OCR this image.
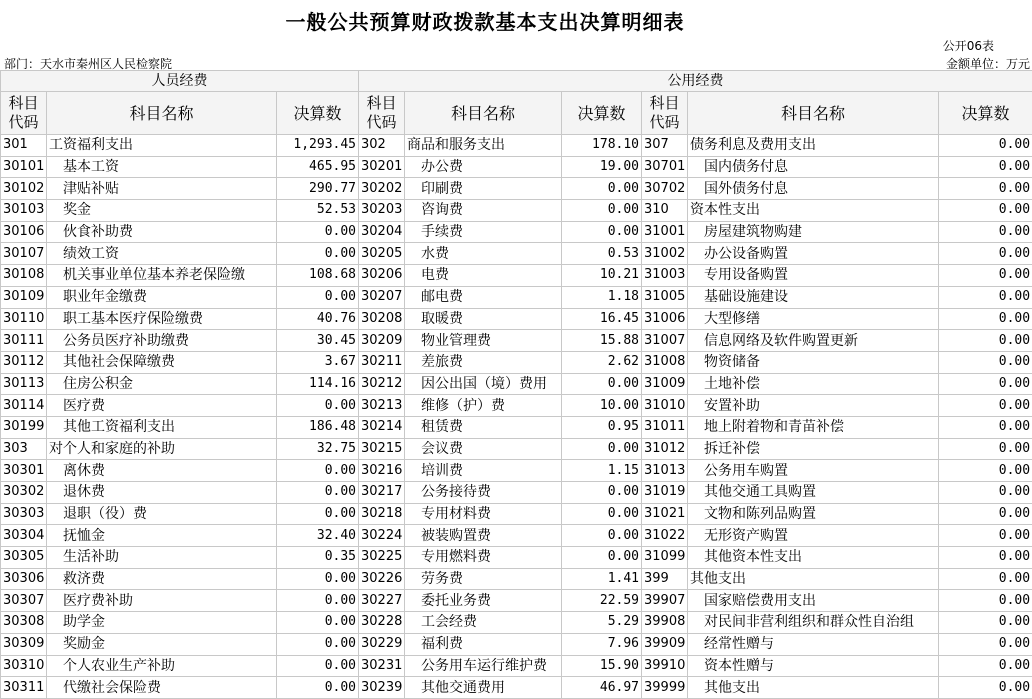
一般公共预算财政拨款基本支出决算明细表
公开06表
部门：天水市秦州区人民检察院	金额单位：万元
人员经费			公用经费					
科目代码	科目名称	决算数	科目代码	科目名称	决算数	科目代码	科目名称	决算数
301	工资福利支出	1,293.45	302	商品和服务支出	178.10	307	债务利息及费用支出	0.00
30101	基本工资	465.95	30201	办公费	19.00	30701	国内债务付息	0.00
30102	津贴补贴	290.77	30202	印刷费	0.00	30702	国外债务付息	0.00
30103	奖金	52.53	30203	咨询费	0.00	310	资本性支出	0.00
30106	伙食补助费	0.00	30204	手续费	0.00	31001	房屋建筑物购建	0.00
30107	绩效工资	0.00	30205	水费	0.53	31002	办公设备购置	0.00
30108	机关事业单位基本养老保险缴	108.68	30206	电费	10.21	31003	专用设备购置	0.00
30109	职业年金缴费	0.00	30207	邮电费	1.18	31005	基础设施建设	0.00
30110	职工基本医疗保险缴费	40.76	30208	取暖费	16.45	31006	大型修缮	0.00
30111	公务员医疗补助缴费	30.45	30209	物业管理费	15.88	31007	信息网络及软件购置更新	0.00
30112	其他社会保障缴费	3.67	30211	差旅费	2.62	31008	物资储备	0.00
30113	住房公积金	114.16	30212	因公出国（境）费用	0.00	31009	土地补偿	0.00
30114	医疗费	0.00	30213	维修（护）费	10.00	31010	安置补助	0.00
30199	其他工资福利支出	186.48	30214	租赁费	0.95	31011	地上附着物和青苗补偿	0.00
303	对个人和家庭的补助	32.75	30215	会议费	0.00	31012	拆迁补偿	0.00
30301	离休费	0.00	30216	培训费	1.15	31013	公务用车购置	0.00
30302	退休费	0.00	30217	公务接待费	0.00	31019	其他交通工具购置	0.00
30303	退职（役）费	0.00	30218	专用材料费	0.00	31021	文物和陈列品购置	0.00
30304	抚恤金	32.40	30224	被装购置费	0.00	31022	无形资产购置	0.00
30305	生活补助	0.35	30225	专用燃料费	0.00	31099	其他资本性支出	0.00
30306	救济费	0.00	30226	劳务费	1.41	399	其他支出	0.00
30307	医疗费补助	0.00	30227	委托业务费	22.59	39907	国家赔偿费用支出	0.00
30308	助学金	0.00	30228	工会经费	5.29	39908	对民间非营利组织和群众性自治组	0.00
30309	奖励金	0.00	30229	福利费	7.96	39909	经常性赠与	0.00
30310	个人农业生产补助	0.00	30231	公务用车运行维护费	15.90	39910	资本性赠与	0.00
30311	代缴社会保险费	0.00	30239	其他交通费用	46.97	39999	其他支出	0.00
